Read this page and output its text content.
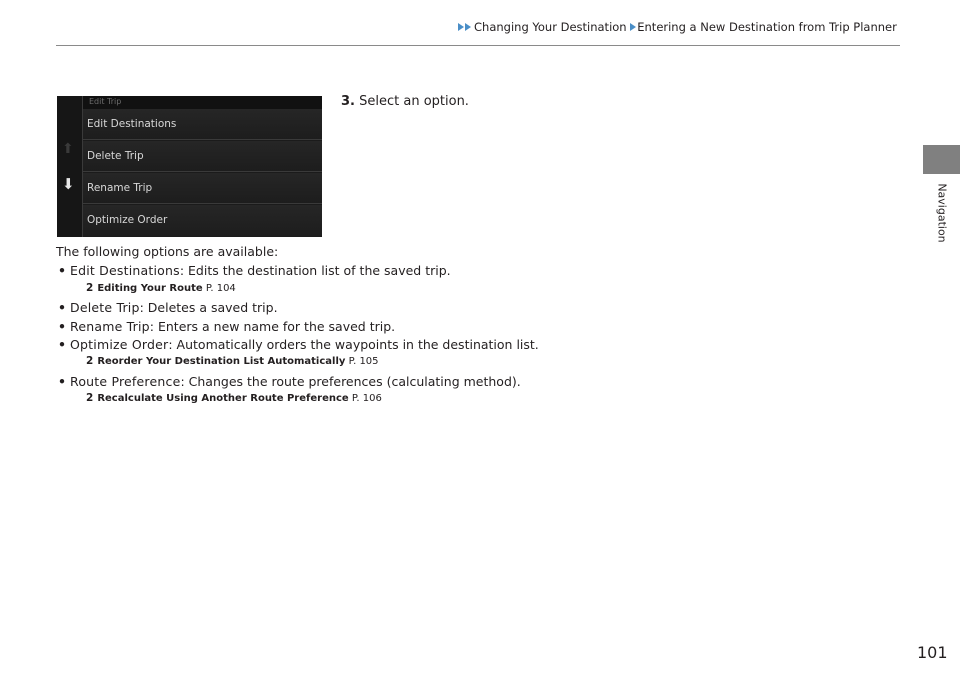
Changing Your Destination Entering a New Destination from Trip Planner
Navigation
⬆
⬇
Edit Trip
Edit Destinations
Delete Trip
Rename Trip
Optimize Order
3. Select an option.
The following options are available:
• Edit Destinations: Edits the destination list of the saved trip.
2 Editing Your Route P. 104
• Delete Trip: Deletes a saved trip.
• Rename Trip: Enters a new name for the saved trip.
• Optimize Order: Automatically orders the waypoints in the destination list.
2 Reorder Your Destination List Automatically P. 105
• Route Preference: Changes the route preferences (calculating method).
2 Recalculate Using Another Route Preference P. 106
101
